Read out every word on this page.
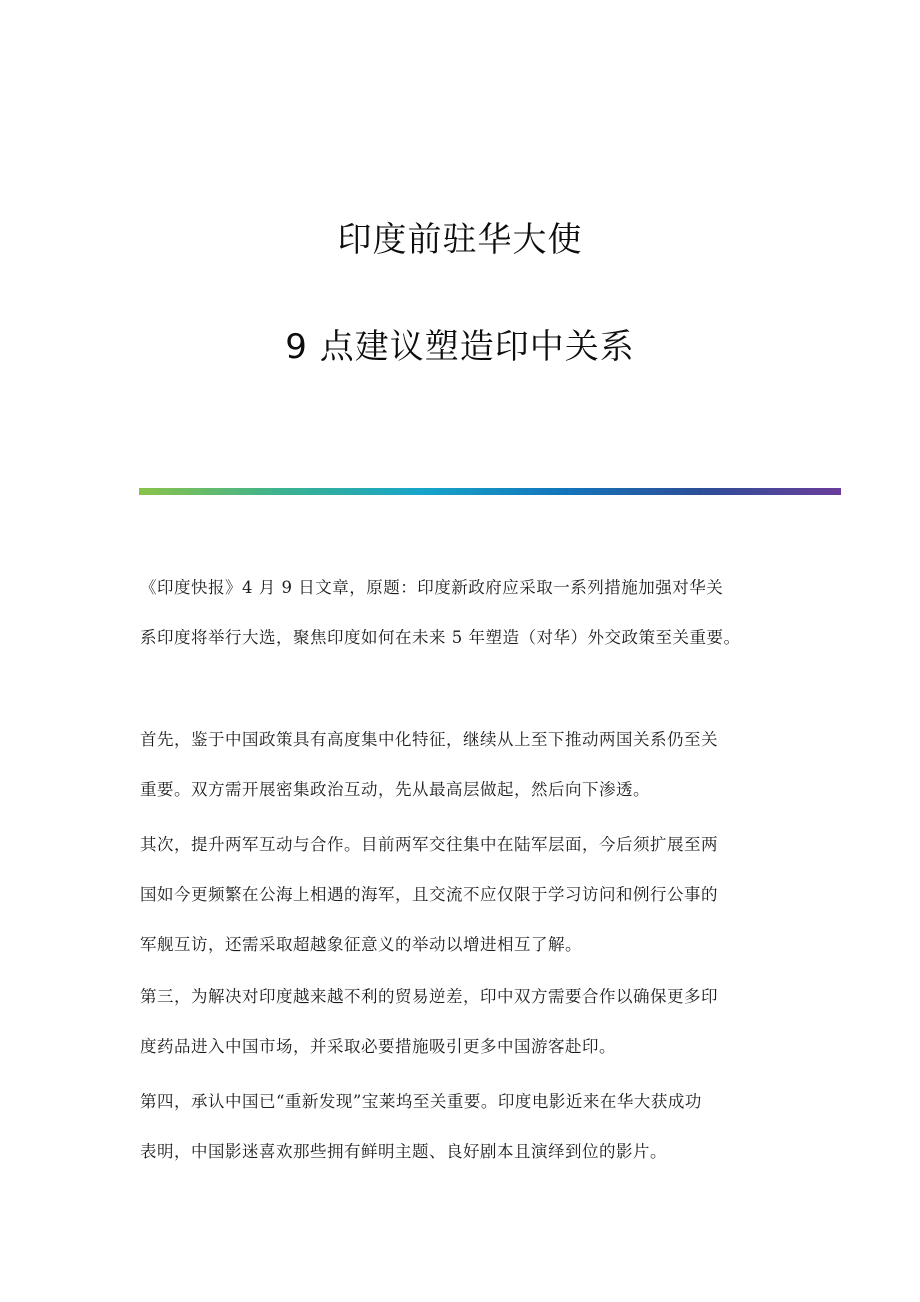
印度前驻华大使
9 点建议塑造印中关系
《印度快报》4 月 9 日文章，原题：印度新政府应采取一系列措施加强对华关
系印度将举行大选，聚焦印度如何在未来 5 年塑造（对华）外交政策至关重要。
首先，鉴于中国政策具有高度集中化特征，继续从上至下推动两国关系仍至关
重要。双方需开展密集政治互动，先从最高层做起，然后向下渗透。
其次，提升两军互动与合作。目前两军交往集中在陆军层面，今后须扩展至两
国如今更频繁在公海上相遇的海军，且交流不应仅限于学习访问和例行公事的
军舰互访，还需采取超越象征意义的举动以增进相互了解。
第三，为解决对印度越来越不利的贸易逆差，印中双方需要合作以确保更多印
度药品进入中国市场，并采取必要措施吸引更多中国游客赴印。
第四，承认中国已“重新发现”宝莱坞至关重要。印度电影近来在华大获成功
表明，中国影迷喜欢那些拥有鲜明主题、良好剧本且演绎到位的影片。
